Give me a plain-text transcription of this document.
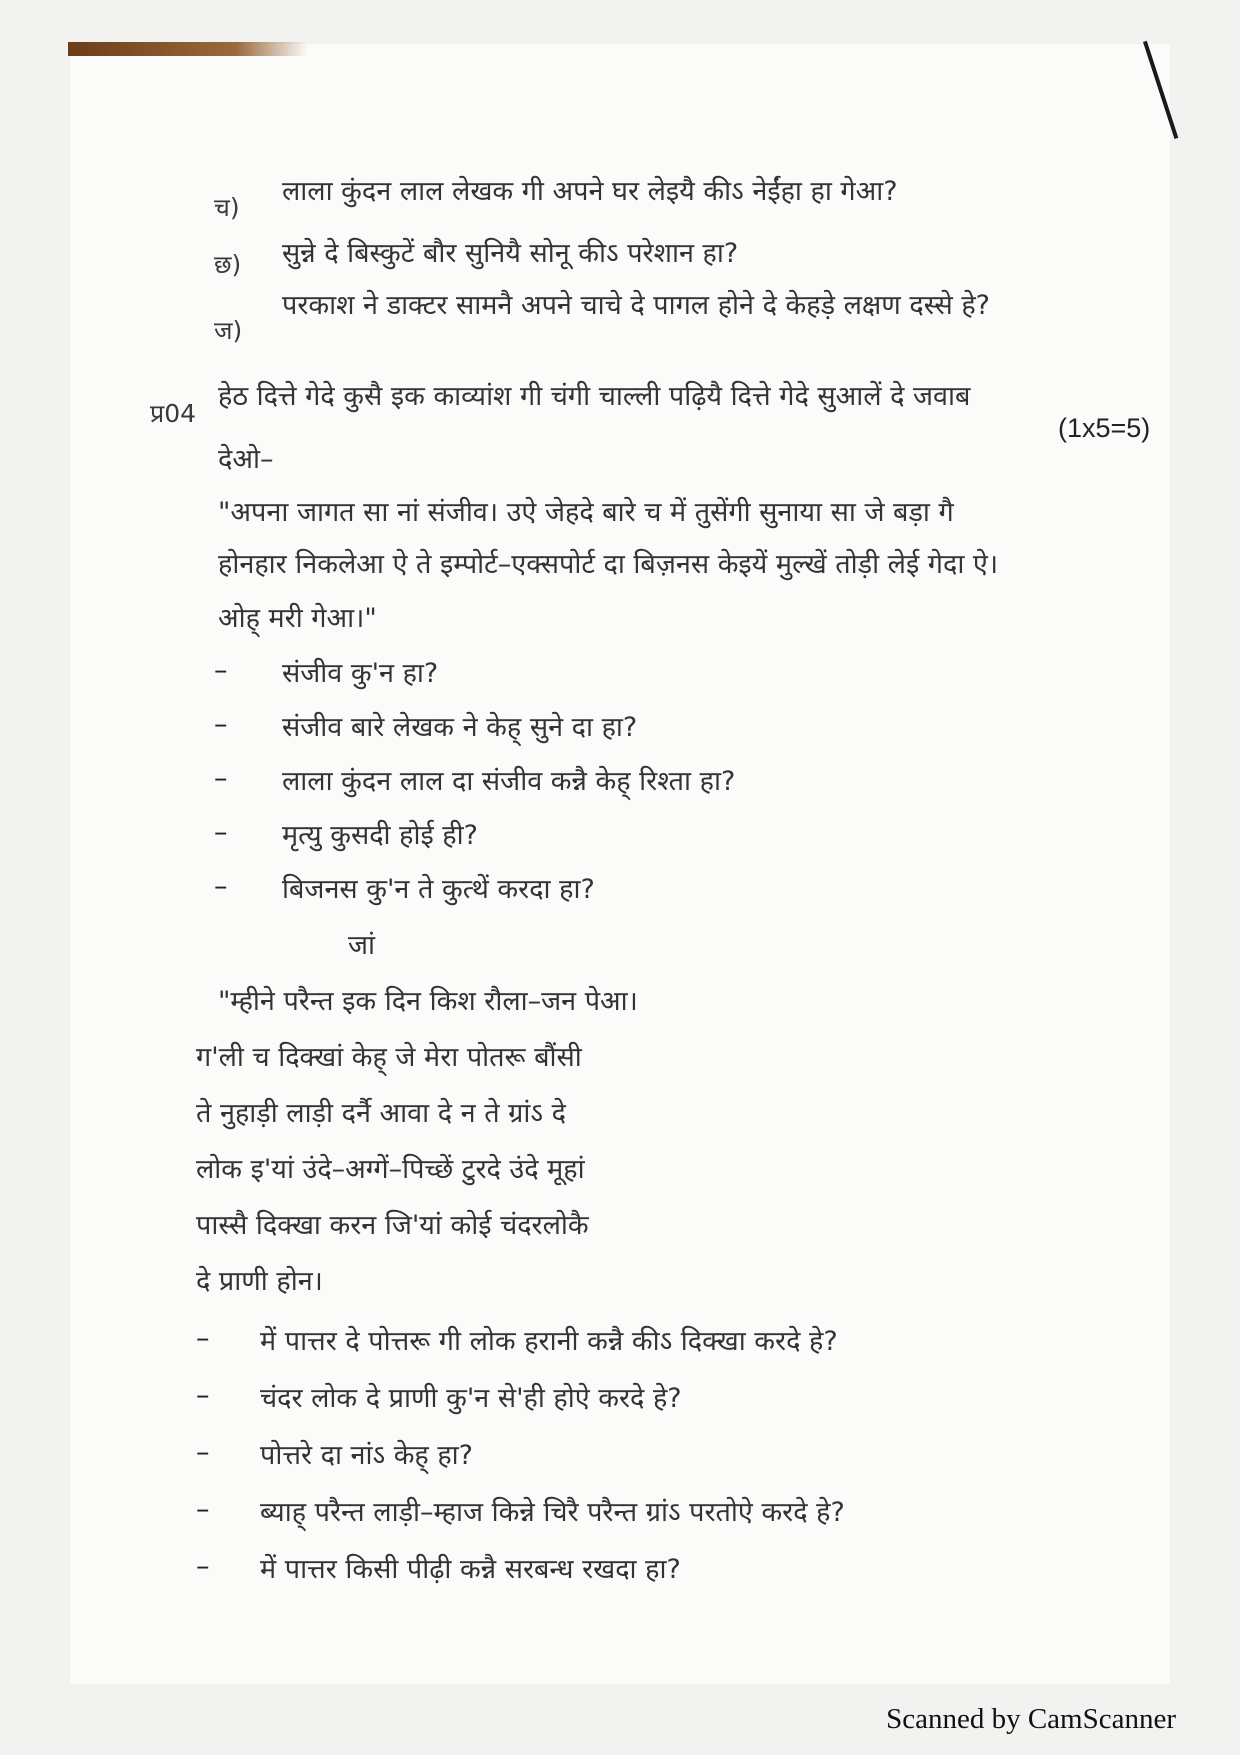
च)
लाला कुंदन लाल लेखक गी अपने घर लेइयै कीऽ नेईंहा हा गेआ?
छ) सुन्ने दे बिस्कुटें बौर सुनियै सोनू कीऽ परेशान हा?
ज)
परकाश ने डाक्टर सामनै अपने चाचे दे पागल होने दे केहड़े लक्षण दस्से हे?
प्र04
हेठ दित्ते गेदे कुसै इक काव्यांश गी चंगी चाल्ली पढ़ियै दित्ते गेदे सुआलें दे जवाब
(1x5=5)
देओ–
"अपना जागत सा नां संजीव। उऐ जेहदे बारे च में तुसेंगी सुनाया सा जे बड़ा गै
होनहार निकलेआ ऐ ते इम्पोर्ट–एक्सपोर्ट दा बिज़नस केइयें मुल्खें तोड़ी लेई गेदा ऐ।
ओह् मरी गेआ।"
– संजीव कु'न हा?
– संजीव बारे लेखक ने केह् सुने दा हा?
– लाला कुंदन लाल दा संजीव कन्नै केह् रिश्ता हा?
– मृत्यु कुसदी होई ही?
– बिजनस कु'न ते कुत्थें करदा हा?
जां
"म्हीने परैन्त इक दिन किश रौला–जन पेआ।
ग'ली च दिक्खां केह् जे मेरा पोतरू बौंसी
ते नुहाड़ी लाड़ी दर्नै आवा दे न ते ग्रांऽ दे
लोक इ'यां उंदे–अग्गें–पिच्छें टुरदे उंदे मूहां
पास्सै दिक्खा करन जि'यां कोई चंदरलोकै
दे प्राणी होन।
– में पात्तर दे पोत्तरू गी लोक हरानी कन्नै कीऽ दिक्खा करदे हे?
– चंदर लोक दे प्राणी कु'न से'ही होऐ करदे हे?
– पोत्तरे दा नांऽ केह् हा?
– ब्याह् परैन्त लाड़ी–म्हाज किन्ने चिरै परैन्त ग्रांऽ परतोऐ करदे हे?
– में पात्तर किसी पीढ़ी कन्नै सरबन्ध रखदा हा?
Scanned by CamScanner
